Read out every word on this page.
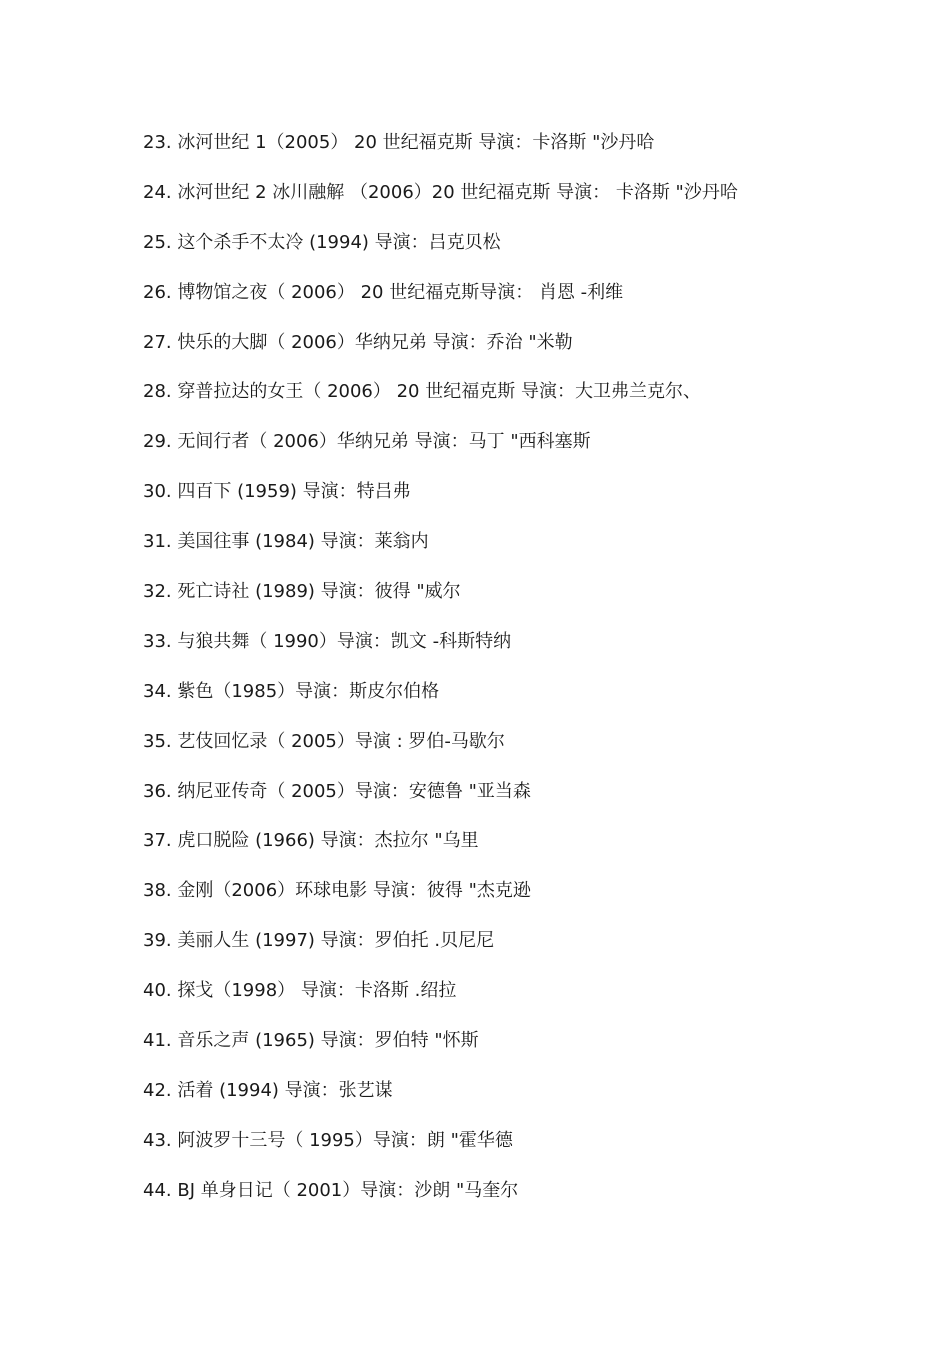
23. 冰河世纪 1（2005） 20 世纪福克斯 导演：卡洛斯 "沙丹哈
24. 冰河世纪 2 冰川融解 （2006）20 世纪福克斯 导演： 卡洛斯 "沙丹哈
25. 这个杀手不太冷 (1994) 导演：吕克贝松
26. 博物馆之夜（ 2006） 20 世纪福克斯导演： 肖恩 -利维
27. 快乐的大脚（ 2006）华纳兄弟 导演：乔治 "米勒
28. 穿普拉达的女王（ 2006） 20 世纪福克斯 导演：大卫弗兰克尔、
29. 无间行者（ 2006）华纳兄弟 导演：马丁 "西科塞斯
30. 四百下 (1959) 导演：特吕弗
31. 美国往事 (1984) 导演：莱翁内
32. 死亡诗社 (1989) 导演：彼得 "威尔
33. 与狼共舞（ 1990）导演：凯文 -科斯特纳
34. 紫色（1985）导演：斯皮尔伯格
35. 艺伎回忆录（ 2005）导演 : 罗伯-马歇尔
36. 纳尼亚传奇（ 2005）导演：安德鲁 "亚当森
37. 虎口脱险 (1966) 导演：杰拉尔 "乌里
38. 金刚（2006）环球电影 导演：彼得 "杰克逊
39. 美丽人生 (1997) 导演：罗伯托 .贝尼尼
40. 探戈（1998） 导演：卡洛斯 .绍拉
41. 音乐之声 (1965) 导演：罗伯特 "怀斯
42. 活着 (1994) 导演：张艺谋
43. 阿波罗十三号（ 1995）导演：朗 "霍华德
44. BJ 单身日记（ 2001）导演：沙朗 "马奎尔
